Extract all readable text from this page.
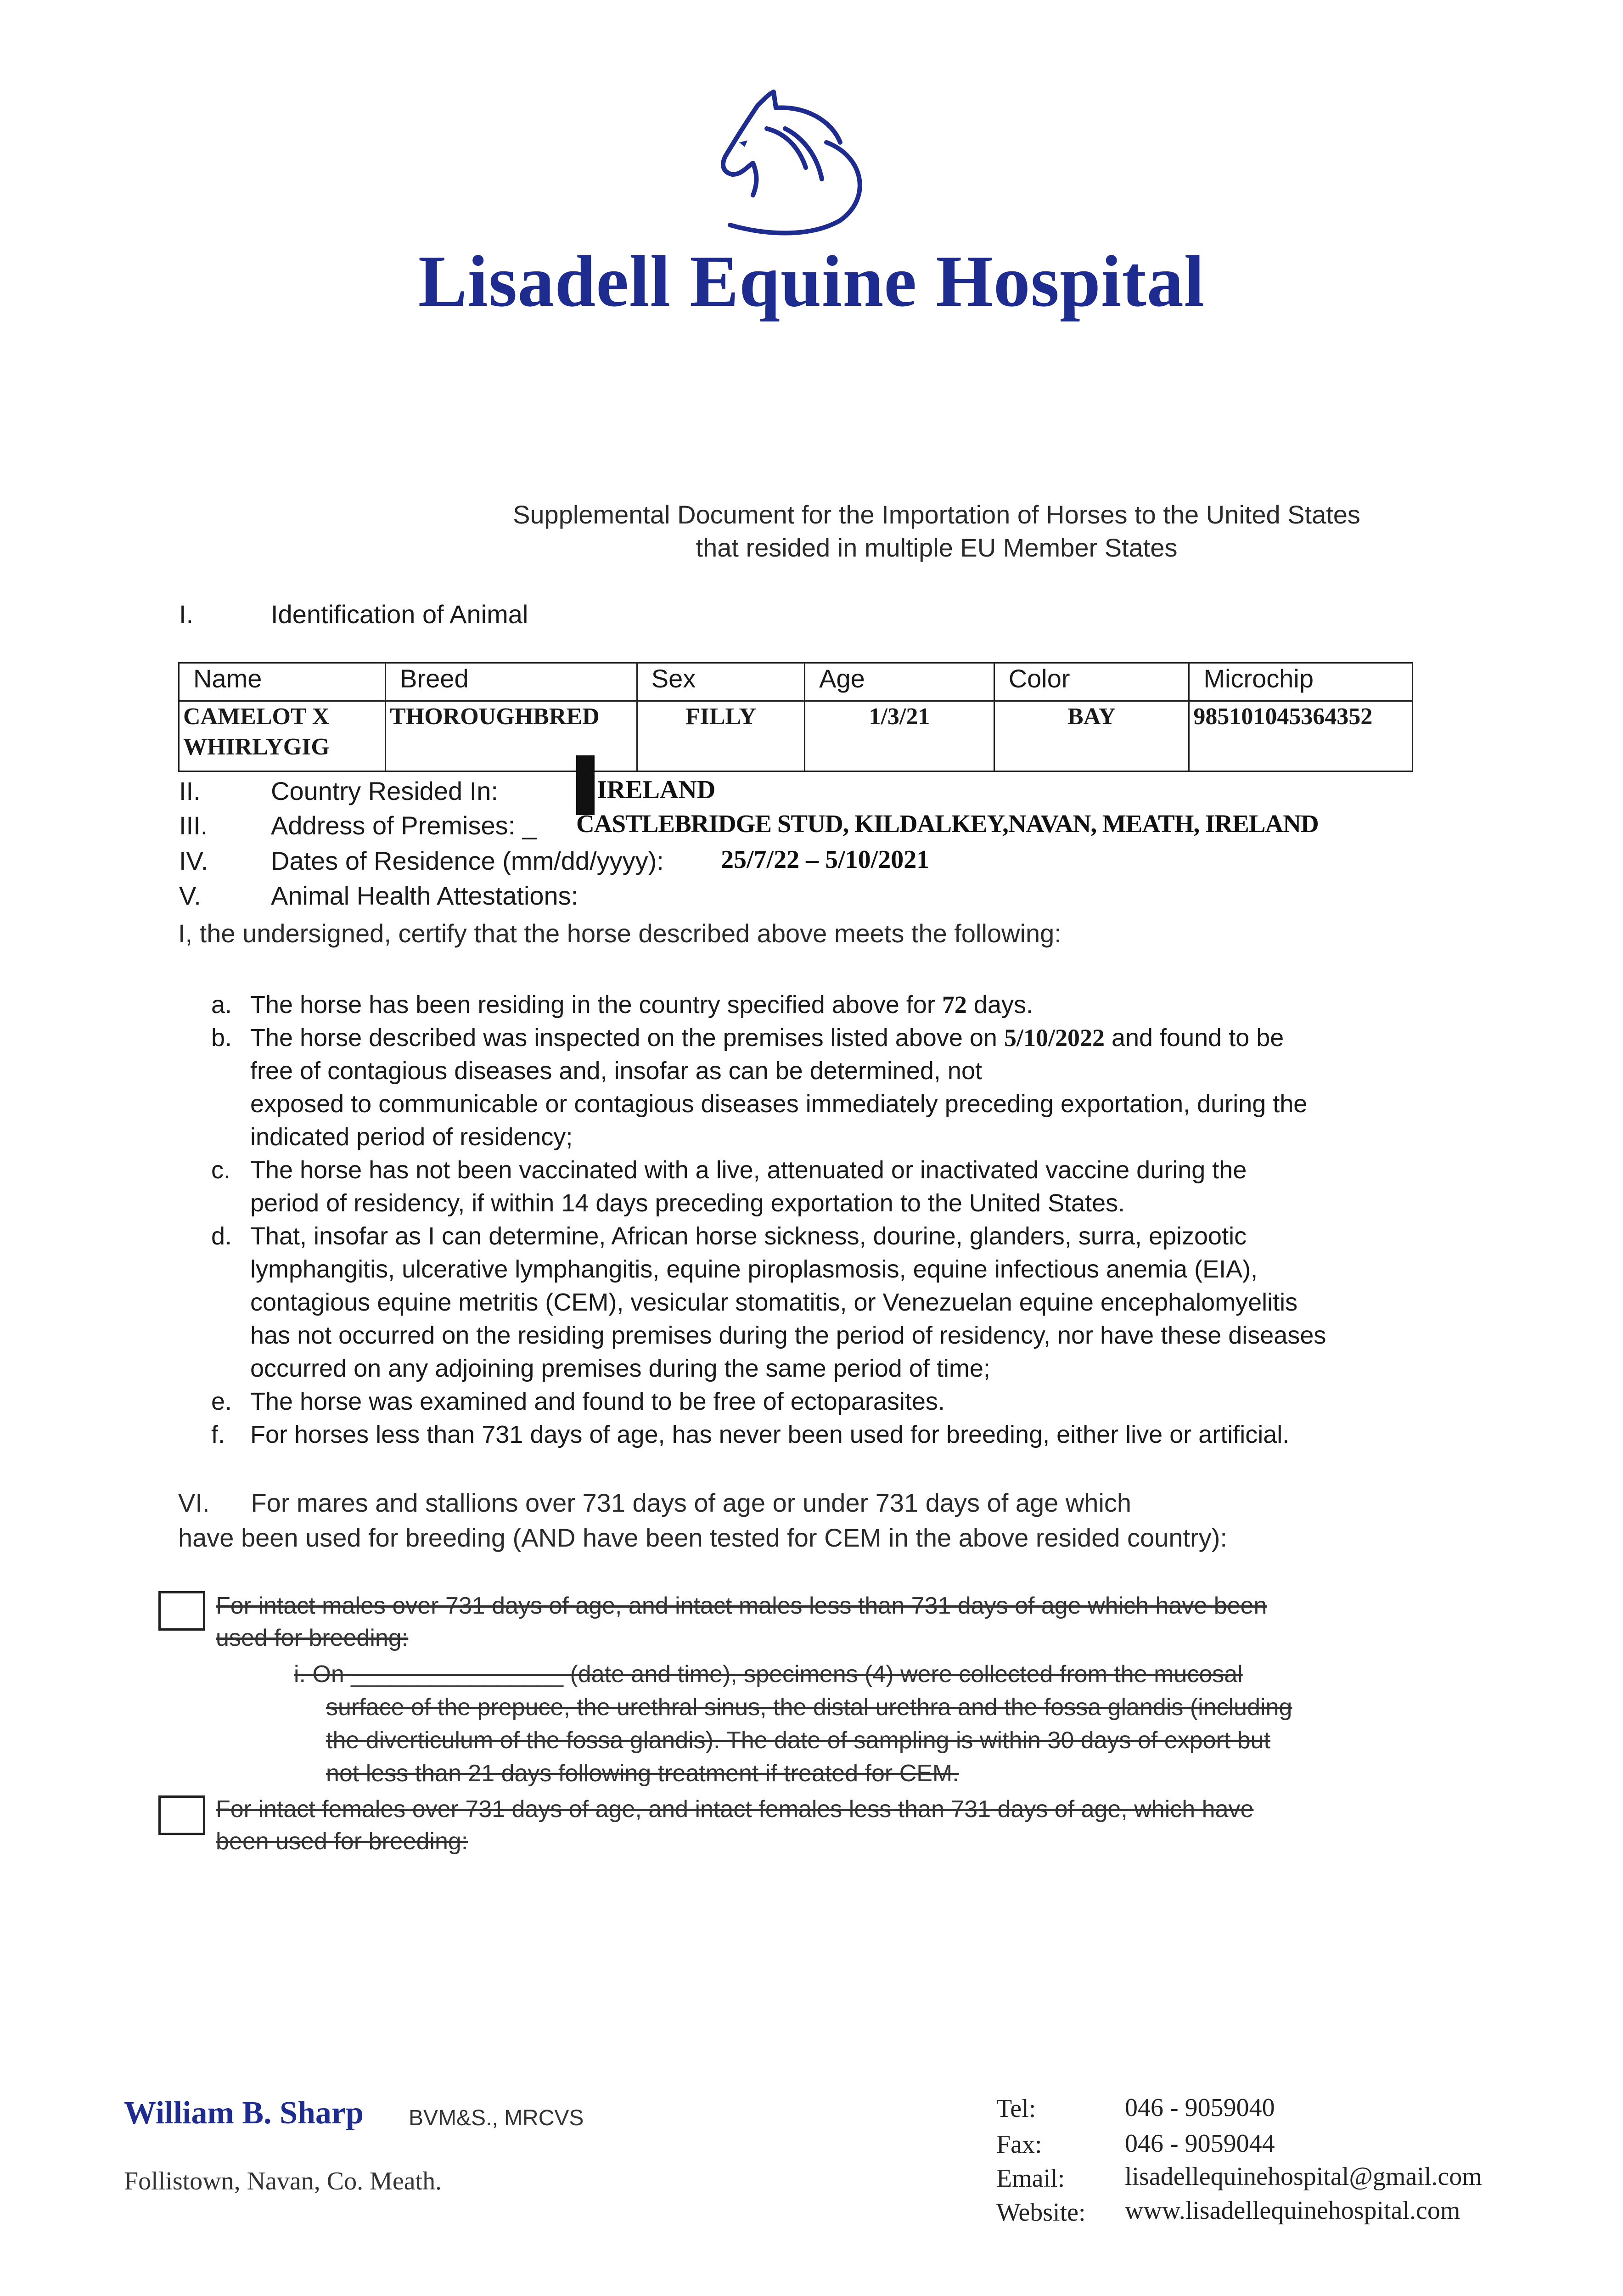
Lisadell Equine Hospital
Supplemental Document for the Importation of Horses to the United States
that resided in multiple EU Member States
I.	Identification of Animal
Name	Breed	Sex	Age	Color	Microchip

CAMELOT X
WHIRLYGIG	THOROUGHBRED	FILLY	1/3/21	BAY	985101045364352
II.	Country Resided In:	IRELAND
III. Address of Premises: _ CASTLEBRIDGE STUD, KILDALKEY,NAVAN, MEATH, IRELAND
IV. Dates of Residence (mm/dd/yyyy): 25/7/22 – 5/10/2021
V.	Animal Health Attestations:
I, the undersigned, certify that the horse described above meets the following:
a. The horse has been residing in the country specified above for 72 days.
b. The horse described was inspected on the premises listed above on 5/10/2022 and found to be
free of contagious diseases and, insofar as can be determined, not
exposed to communicable or contagious diseases immediately preceding exportation, during the
indicated period of residency;
c. The horse has not been vaccinated with a live, attenuated or inactivated vaccine during the
period of residency, if within 14 days preceding exportation to the United States.
d. That, insofar as I can determine, African horse sickness, dourine, glanders, surra, epizootic
lymphangitis, ulcerative lymphangitis, equine piroplasmosis, equine infectious anemia (EIA),
contagious equine metritis (CEM), vesicular stomatitis, or Venezuelan equine encephalomyelitis
has not occurred on the residing premises during the period of residency, nor have these diseases
occurred on any adjoining premises during the same period of time;
e. The horse was examined and found to be free of ectoparasites.
f. For horses less than 731 days of age, has never been used for breeding, either live or artificial.
VI. For mares and stallions over 731 days of age or under 731 days of age which
have been used for breeding (AND have been tested for CEM in the above resided country):
For intact males over 731 days of age, and intact males less than 731 days of age which have been
used for breeding:
i. On ________________ (date and time), specimens (4) were collected from the mucosal
surface of the prepuce, the urethral sinus, the distal urethra and the fossa glandis (including
the diverticulum of the fossa glandis). The date of sampling is within 30 days of export but
not less than 21 days following treatment if treated for CEM.
For intact females over 731 days of age, and intact females less than 731 days of age, which have
been used for breeding:
William B. Sharp BVM&S., MRCVS
Follistown, Navan, Co. Meath.
Tel:	046 - 9059040
Fax:	046 - 9059044
Email: lisadellequinehospital@gmail.com
Website: www.lisadellequinehospital.com
